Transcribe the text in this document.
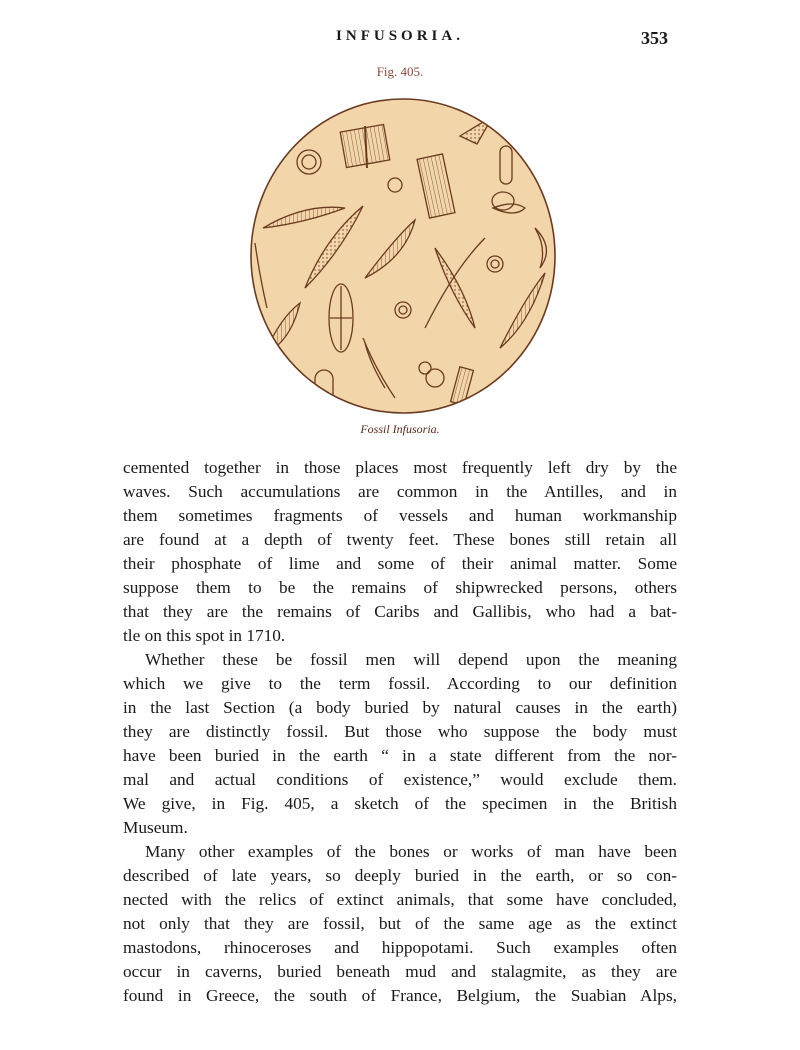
INFUSORIA.	353
Fig. 405.
Fossil Infusoria.

cemented together in those places most frequently left dry by the
waves. Such accumulations are common in the Antilles, and in
them sometimes fragments of vessels and human workmanship
are found at a depth of twenty feet. These bones still retain all
their phosphate of lime and some of their animal matter. Some
suppose them to be the remains of shipwrecked persons, others
that they are the remains of Caribs and Gallibis, who had a bat-
tle on this spot in 1710.

Whether these be fossil men will depend upon the meaning
which we give to the term fossil. According to our definition
in the last Section (a body buried by natural causes in the earth)
they are distinctly fossil. But those who suppose the body must
have been buried in the earth “ in a state different from the nor-
mal and actual conditions of existence,” would exclude them.
We give, in Fig. 405, a sketch of the specimen in the British
Museum.

Many other examples of the bones or works of man have been
described of late years, so deeply buried in the earth, or so con-
nected with the relics of extinct animals, that some have concluded,
not only that they are fossil, but of the same age as the extinct
mastodons, rhinoceroses and hippopotami. Such examples often
occur in caverns, buried beneath mud and stalagmite, as they are
found in Greece, the south of France, Belgium, the Suabian Alps,
